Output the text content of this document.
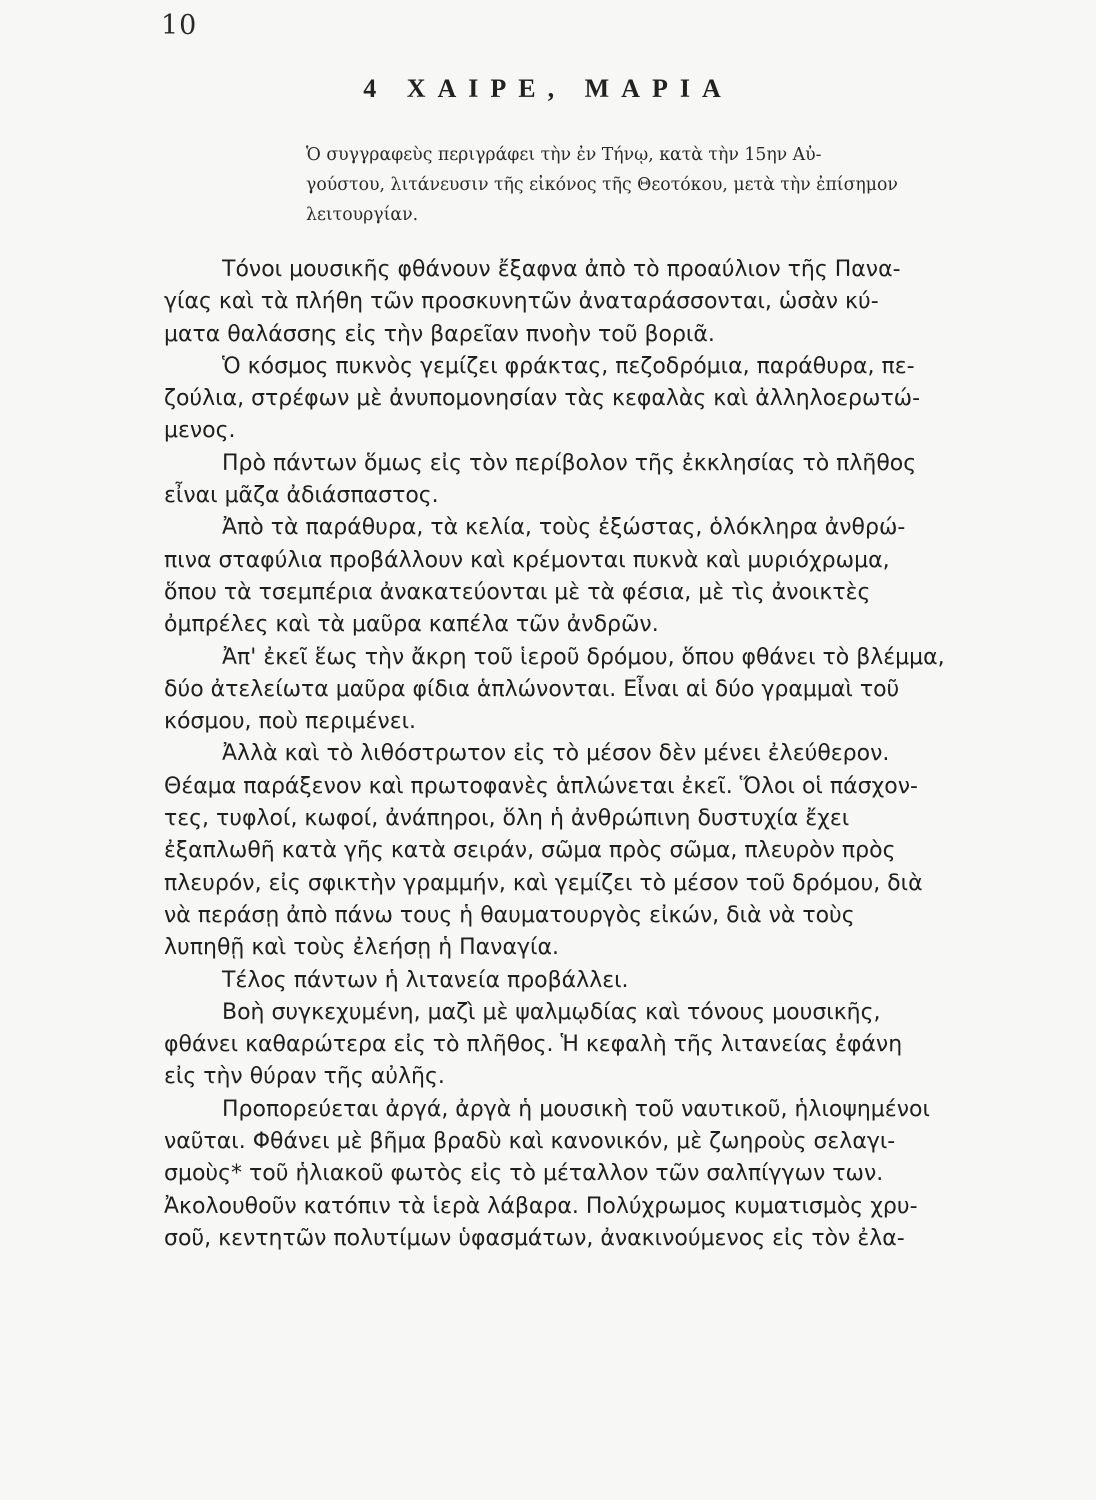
10
4 ΧΑΙΡΕ, ΜΑΡΙΑ
Ὁ συγγραφεὺς περιγράφει τὴν ἐν Τήνῳ, κατὰ τὴν 15ην Αὐ-
γούστου, λιτάνευσιν τῆς εἰκόνος τῆς Θεοτόκου, μετὰ τὴν ἐπίσημον
λειτουργίαν.
Τόνοι μουσικῆς φθάνουν ἔξαφνα ἀπὸ τὸ προαύλιον τῆς Πανα-
γίας καὶ τὰ πλήθη τῶν προσκυνητῶν ἀναταράσσονται, ὡσὰν κύ-
ματα θαλάσσης εἰς τὴν βαρεῖαν πνοὴν τοῦ βοριᾶ.
Ὁ κόσμος πυκνὸς γεμίζει φράκτας, πεζοδρόμια, παράθυρα, πε-
ζούλια, στρέφων μὲ ἀνυπομονησίαν τὰς κεφαλὰς καὶ ἀλληλοερωτώ-
μενος.
Πρὸ πάντων ὅμως εἰς τὸν περίβολον τῆς ἐκκλησίας τὸ πλῆθος
εἶναι μᾶζα ἀδιάσπαστος.
Ἀπὸ τὰ παράθυρα, τὰ κελία, τοὺς ἐξώστας, ὁλόκληρα ἀνθρώ-
πινα σταφύλια προβάλλουν καὶ κρέμονται πυκνὰ καὶ μυριόχρωμα,
ὅπου τὰ τσεμπέρια ἀνακατεύονται μὲ τὰ φέσια, μὲ τὶς ἀνοικτὲς
ὀμπρέλες καὶ τὰ μαῦρα καπέλα τῶν ἀνδρῶν.
Ἀπ' ἐκεῖ ἕως τὴν ἄκρη τοῦ ἱεροῦ δρόμου, ὅπου φθάνει τὸ βλέμμα,
δύο ἀτελείωτα μαῦρα φίδια ἁπλώνονται. Εἶναι αἱ δύο γραμμαὶ τοῦ
κόσμου, ποὺ περιμένει.
Ἀλλὰ καὶ τὸ λιθόστρωτον εἰς τὸ μέσον δὲν μένει ἐλεύθερον.
Θέαμα παράξενον καὶ πρωτοφανὲς ἁπλώνεται ἐκεῖ. Ὅλοι οἱ πάσχον-
τες, τυφλοί, κωφοί, ἀνάπηροι, ὅλη ἡ ἀνθρώπινη δυστυχία ἔχει
ἐξαπλωθῆ κατὰ γῆς κατὰ σειράν, σῶμα πρὸς σῶμα, πλευρὸν πρὸς
πλευρόν, εἰς σφικτὴν γραμμήν, καὶ γεμίζει τὸ μέσον τοῦ δρόμου, διὰ
νὰ περάσῃ ἀπὸ πάνω τους ἡ θαυματουργὸς εἰκών, διὰ νὰ τοὺς
λυπηθῇ καὶ τοὺς ἐλεήσῃ ἡ Παναγία.
Τέλος πάντων ἡ λιτανεία προβάλλει.
Βοὴ συγκεχυμένη, μαζὶ μὲ ψαλμῳδίας καὶ τόνους μουσικῆς,
φθάνει καθαρώτερα εἰς τὸ πλῆθος. Ἡ κεφαλὴ τῆς λιτανείας ἐφάνη
εἰς τὴν θύραν τῆς αὐλῆς.
Προπορεύεται ἀργά, ἀργὰ ἡ μουσικὴ τοῦ ναυτικοῦ, ἡλιοψημένοι
ναῦται. Φθάνει μὲ βῆμα βραδὺ καὶ κανονικόν, μὲ ζωηροὺς σελαγι-
σμοὺς* τοῦ ἡλιακοῦ φωτὸς εἰς τὸ μέταλλον τῶν σαλπίγγων των.
Ἀκολουθοῦν κατόπιν τὰ ἱερὰ λάβαρα. Πολύχρωμος κυματισμὸς χρυ-
σοῦ, κεντητῶν πολυτίμων ὑφασμάτων, ἀνακινούμενος εἰς τὸν ἐλα-
